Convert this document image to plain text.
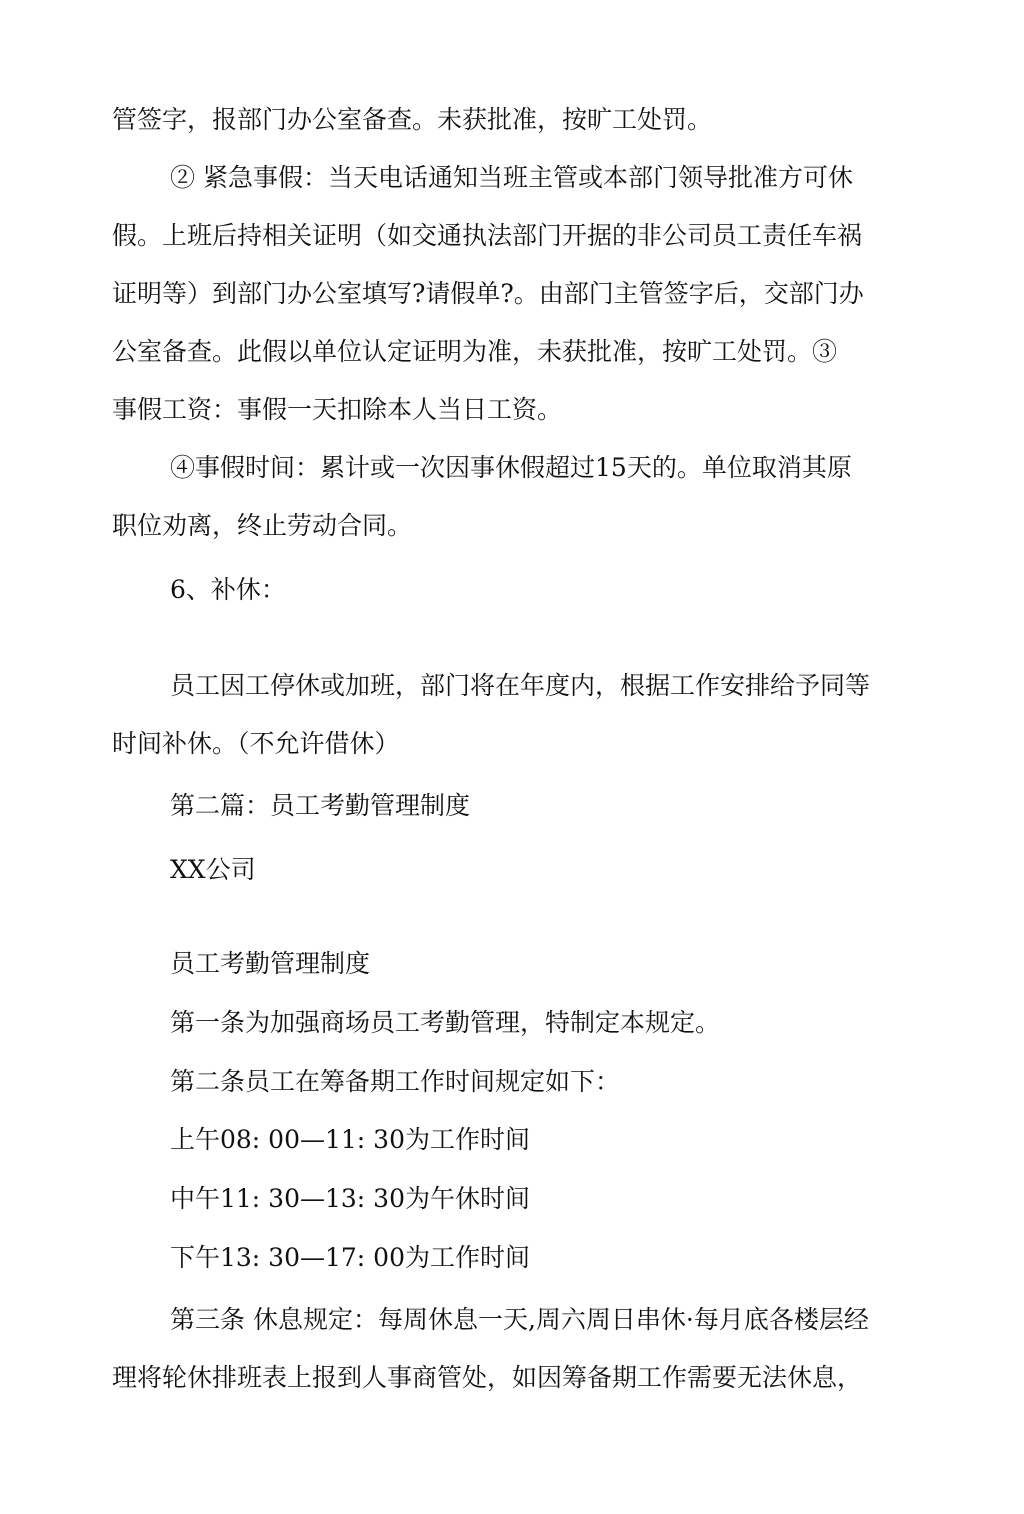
管签字，报部门办公室备查。未获批准，按旷工处罚。
② 紧急事假：当天电话通知当班主管或本部门领导批准方可休
假。上班后持相关证明（如交通执法部门开据的非公司员工责任车祸
证明等）到部门办公室填写?请假单?。由部门主管签字后，交部门办
公室备查。此假以单位认定证明为准，未获批准，按旷工处罚。③
事假工资：事假一天扣除本人当日工资。
④事假时间：累计或一次因事休假超过15天的。单位取消其原
职位劝离，终止劳动合同。
6、补休：
员工因工停休或加班，部门将在年度内，根据工作安排给予同等
时间补休。（不允许借休）
第二篇：员工考勤管理制度
XX公司
员工考勤管理制度
第一条为加强商场员工考勤管理，特制定本规定。
第二条员工在筹备期工作时间规定如下：
上午08: 00—11: 30为工作时间
中午11: 30—13: 30为午休时间
下午13: 30—17: 00为工作时间
第三条 休息规定：每周休息一天,周六周日串休·每月底各楼层经
理将轮休排班表上报到人事商管处，如因筹备期工作需要无法休息，
